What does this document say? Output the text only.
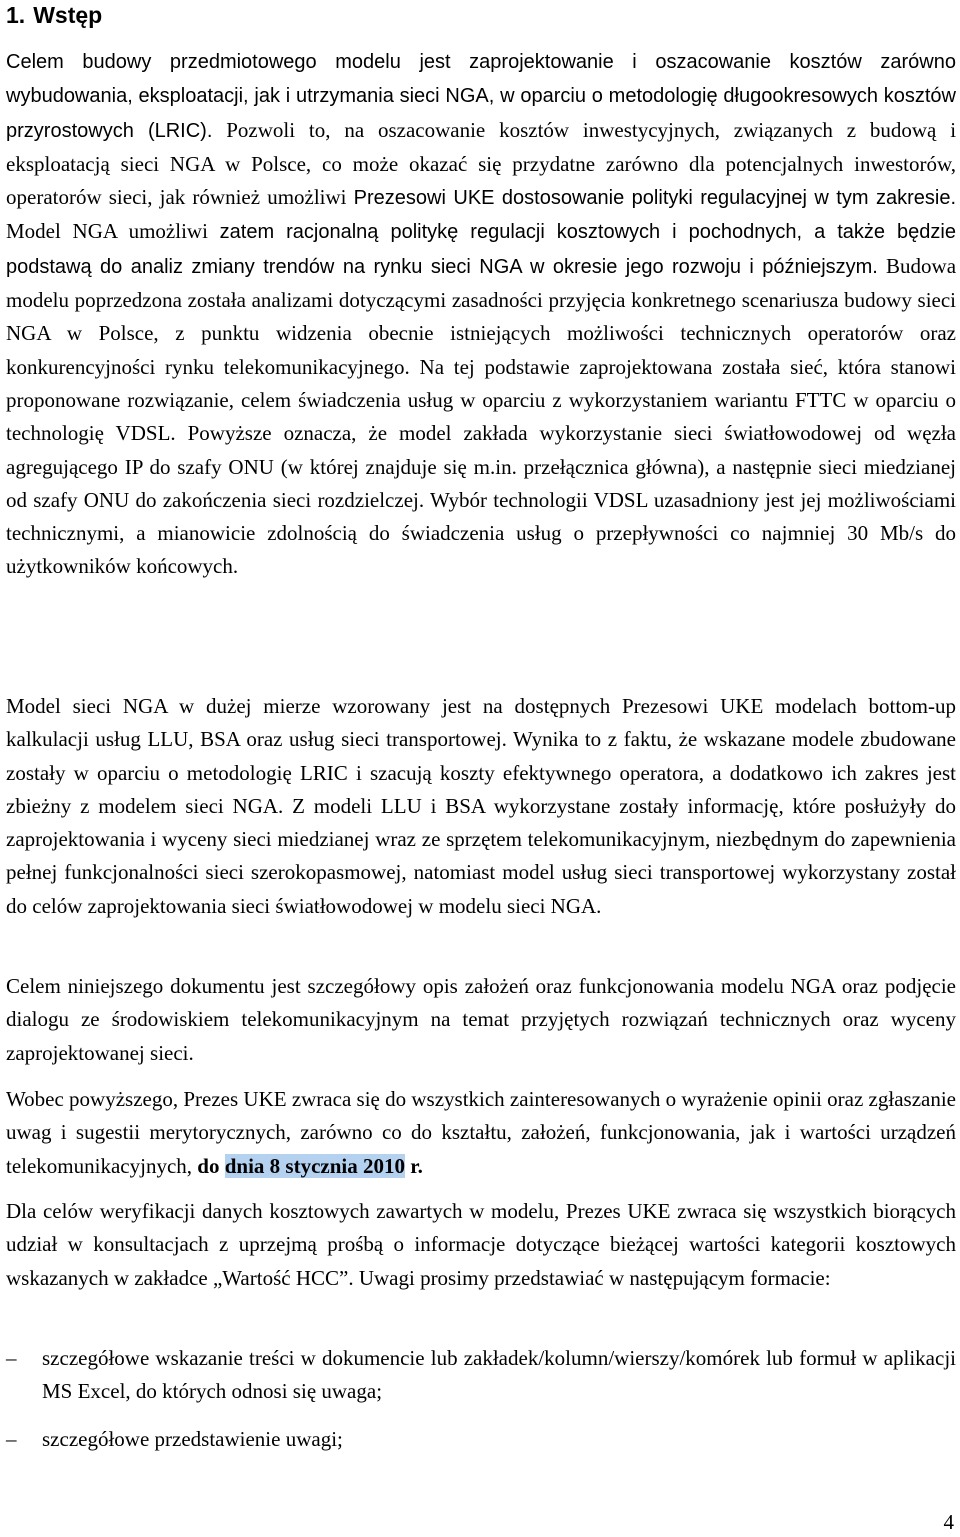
1. Wstęp

Celem budowy przedmiotowego modelu jest zaprojektowanie i oszacowanie kosztów zarówno wybudowania, eksploatacji, jak i utrzymania sieci NGA, w oparciu o metodologię długookresowych kosztów przyrostowych (LRIC). Pozwoli to, na oszacowanie kosztów inwestycyjnych, związanych z budową i eksploatacją sieci NGA w Polsce, co może okazać się przydatne zarówno dla potencjalnych inwestorów, operatorów sieci, jak również umożliwi Prezesowi UKE dostosowanie polityki regulacyjnej w tym zakresie. Model NGA umożliwi zatem racjonalną politykę regulacji kosztowych i pochodnych, a także będzie podstawą do analiz zmiany trendów na rynku sieci NGA w okresie jego rozwoju i późniejszym. Budowa modelu poprzedzona została analizami dotyczącymi zasadności przyjęcia konkretnego scenariusza budowy sieci NGA w Polsce, z punktu widzenia obecnie istniejących możliwości technicznych operatorów oraz konkurencyjności rynku telekomunikacyjnego. Na tej podstawie zaprojektowana została sieć, która stanowi proponowane rozwiązanie, celem świadczenia usług w oparciu z wykorzystaniem wariantu FTTC w oparciu o technologię VDSL. Powyższe oznacza, że model zakłada wykorzystanie sieci światłowodowej od węzła agregującego IP do szafy ONU (w której znajduje się m.in. przełącznica główna), a następnie sieci miedzianej od szafy ONU do zakończenia sieci rozdzielczej. Wybór technologii VDSL uzasadniony jest jej możliwościami technicznymi, a mianowicie zdolnością do świadczenia usług o przepływności co najmniej 30 Mb/s do użytkowników końcowych.

Model sieci NGA w dużej mierze wzorowany jest na dostępnych Prezesowi UKE modelach bottom-up kalkulacji usług LLU, BSA oraz usług sieci transportowej. Wynika to z faktu, że wskazane modele zbudowane zostały w oparciu o metodologię LRIC i szacują koszty efektywnego operatora, a dodatkowo ich zakres jest zbieżny z modelem sieci NGA. Z modeli LLU i BSA wykorzystane zostały informację, które posłużyły do zaprojektowania i wyceny sieci miedzianej wraz ze sprzętem telekomunikacyjnym, niezbędnym do zapewnienia pełnej funkcjonalności sieci szerokopasmowej, natomiast model usług sieci transportowej wykorzystany został do celów zaprojektowania sieci światłowodowej w modelu sieci NGA.

Celem niniejszego dokumentu jest szczegółowy opis założeń oraz funkcjonowania modelu NGA oraz podjęcie dialogu ze środowiskiem telekomunikacyjnym na temat przyjętych rozwiązań technicznych oraz wyceny zaprojektowanej sieci.

Wobec powyższego, Prezes UKE zwraca się do wszystkich zainteresowanych o wyrażenie opinii oraz zgłaszanie uwag i sugestii merytorycznych, zarówno co do kształtu, założeń, funkcjonowania, jak i wartości urządzeń telekomunikacyjnych, do dnia 8 stycznia 2010 r.

Dla celów weryfikacji danych kosztowych zawartych w modelu, Prezes UKE zwraca się wszystkich biorących udział w konsultacjach z uprzejmą prośbą o informacje dotyczące bieżącej wartości kategorii kosztowych wskazanych w zakładce „Wartość HCC”. Uwagi prosimy przedstawiać w następującym formacie:

– szczegółowe wskazanie treści w dokumencie lub zakładek/kolumn/wierszy/komórek lub formuł w aplikacji MS Excel, do których odnosi się uwaga;
– szczegółowe przedstawienie uwagi;
4
